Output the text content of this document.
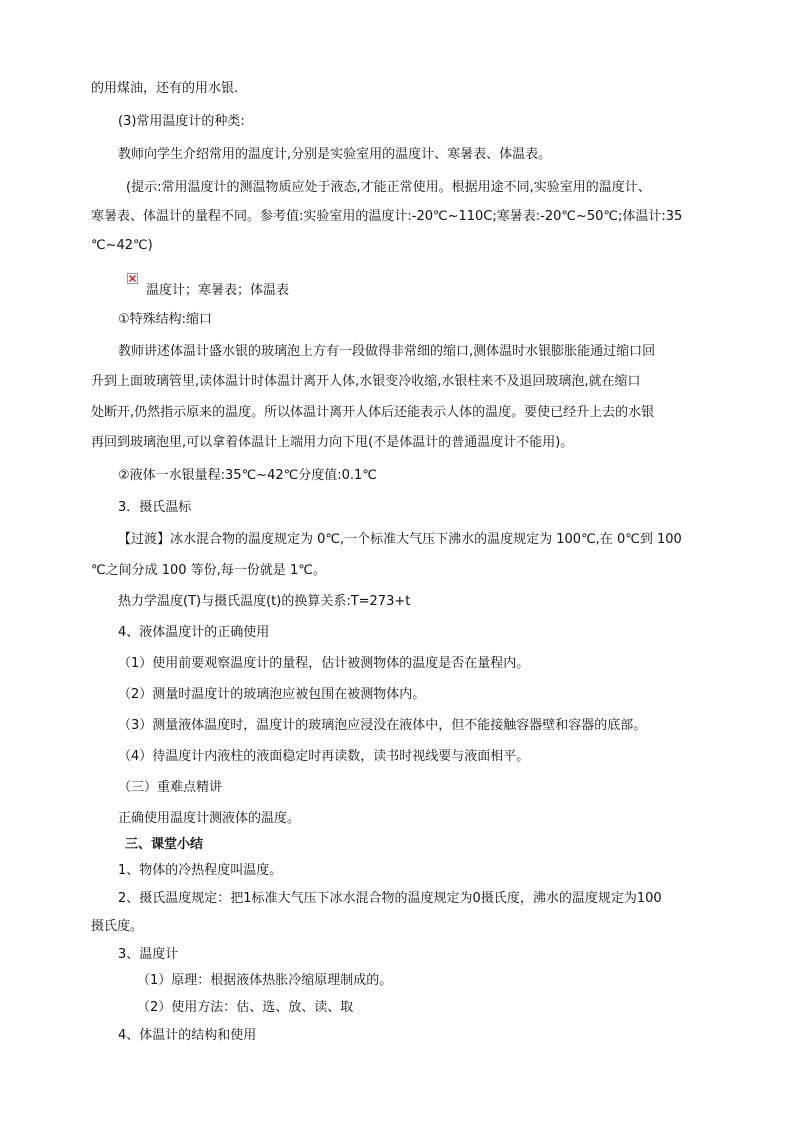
的用煤油，还有的用水银.
(3)常用温度计的种类:
教师向学生介绍常用的温度计,分别是实验室用的温度计、寒暑表、体温表。
(提示:常用温度计的测温物质应处于液态,才能正常使用。根据用途不同,实验室用的温度计、
寒暑表、体温计的量程不同。参考值:实验室用的温度计:-20℃~110C;寒暑表:-20℃~50℃;体温计:35
℃~42℃)
温度计；寒暑表；体温表
①特殊结构:缩口
教师讲述体温计盛水银的玻璃泡上方有一段做得非常细的缩口,测体温时水银膨胀能通过缩口回
升到上面玻璃管里,读体温计时体温计离开人体,水银变冷收缩,水银柱来不及退回玻璃泡,就在缩口
处断开,仍然指示原来的温度。所以体温计离开人体后还能表示人体的温度。要使已经升上去的水银
再回到玻璃泡里,可以拿着体温计上端用力向下甩(不是体温计的普通温度计不能用)。
②液体一水银量程:35℃~42℃分度值:0.1℃
3．摄氏温标
【过渡】冰水混合物的温度规定为 0℃,一个标准大气压下沸水的温度规定为 100℃,在 0℃到 100
℃之间分成 100 等份,每一份就是 1℃。
热力学温度(T)与摄氏温度(t)的换算关系:T=273+t
4、液体温度计的正确使用
（1）使用前要观察温度计的量程，估计被测物体的温度是否在量程内。
（2）测量时温度计的玻璃泡应被包围在被测物体内。
（3）测量液体温度时，温度计的玻璃泡应浸没在液体中，但不能接触容器壁和容器的底部。
（4）待温度计内液柱的液面稳定时再读数，读书时视线要与液面相平。
（三）重难点精讲
正确使用温度计测液体的温度。
三、课堂小结
1、物体的冷热程度叫温度。
2、摄氏温度规定：把1标准大气压下冰水混合物的温度规定为0摄氏度，沸水的温度规定为100
摄氏度。
3、温度计
（1）原理：根据液体热胀冷缩原理制成的。
（2）使用方法：估、选、放、读、取
4、体温计的结构和使用
